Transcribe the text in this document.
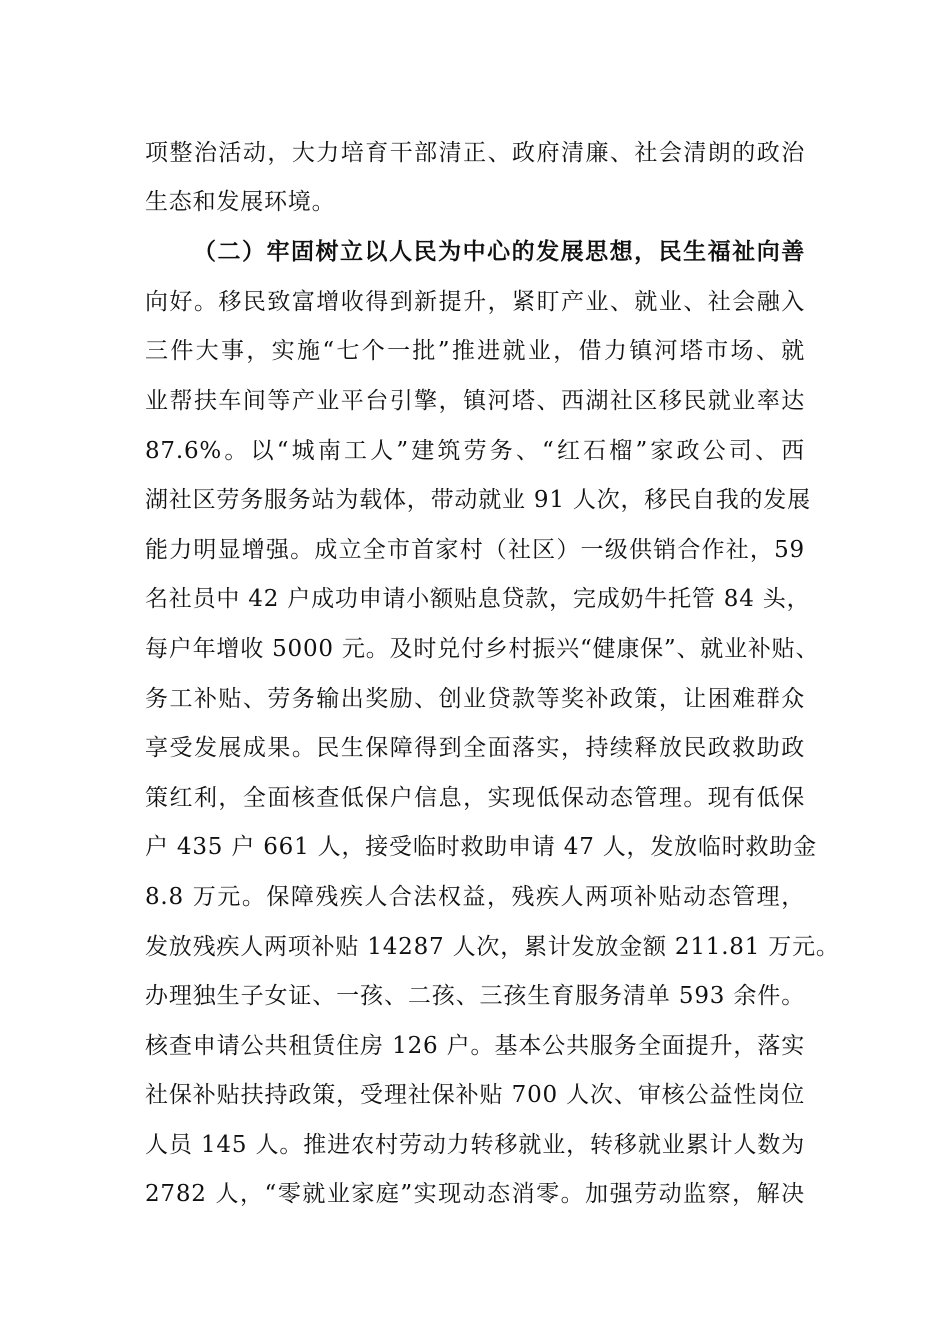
项整治活动，大力培育干部清正、政府清廉、社会清朗的政治
生态和发展环境。
（二）牢固树立以人民为中心的发展思想，民生福祉向善
向好。移民致富增收得到新提升，紧盯产业、就业、社会融入
三件大事，实施“七个一批”推进就业，借力镇河塔市场、就
业帮扶车间等产业平台引擎，镇河塔、西湖社区移民就业率达
87.6%。以“城南工人”建筑劳务、“红石榴”家政公司、西
湖社区劳务服务站为载体，带动就业 91 人次，移民自我的发展
能力明显增强。成立全市首家村（社区）一级供销合作社，59
名社员中 42 户成功申请小额贴息贷款，完成奶牛托管 84 头，
每户年增收 5000 元。及时兑付乡村振兴“健康保”、就业补贴、
务工补贴、劳务输出奖励、创业贷款等奖补政策，让困难群众
享受发展成果。民生保障得到全面落实，持续释放民政救助政
策红利，全面核查低保户信息，实现低保动态管理。现有低保
户 435 户 661 人，接受临时救助申请 47 人，发放临时救助金
8.8 万元。保障残疾人合法权益，残疾人两项补贴动态管理，
发放残疾人两项补贴 14287 人次，累计发放金额 211.81 万元。
办理独生子女证、一孩、二孩、三孩生育服务清单 593 余件。
核查申请公共租赁住房 126 户。基本公共服务全面提升，落实
社保补贴扶持政策，受理社保补贴 700 人次、审核公益性岗位
人员 145 人。推进农村劳动力转移就业，转移就业累计人数为
2782 人，“零就业家庭”实现动态消零。加强劳动监察，解决
